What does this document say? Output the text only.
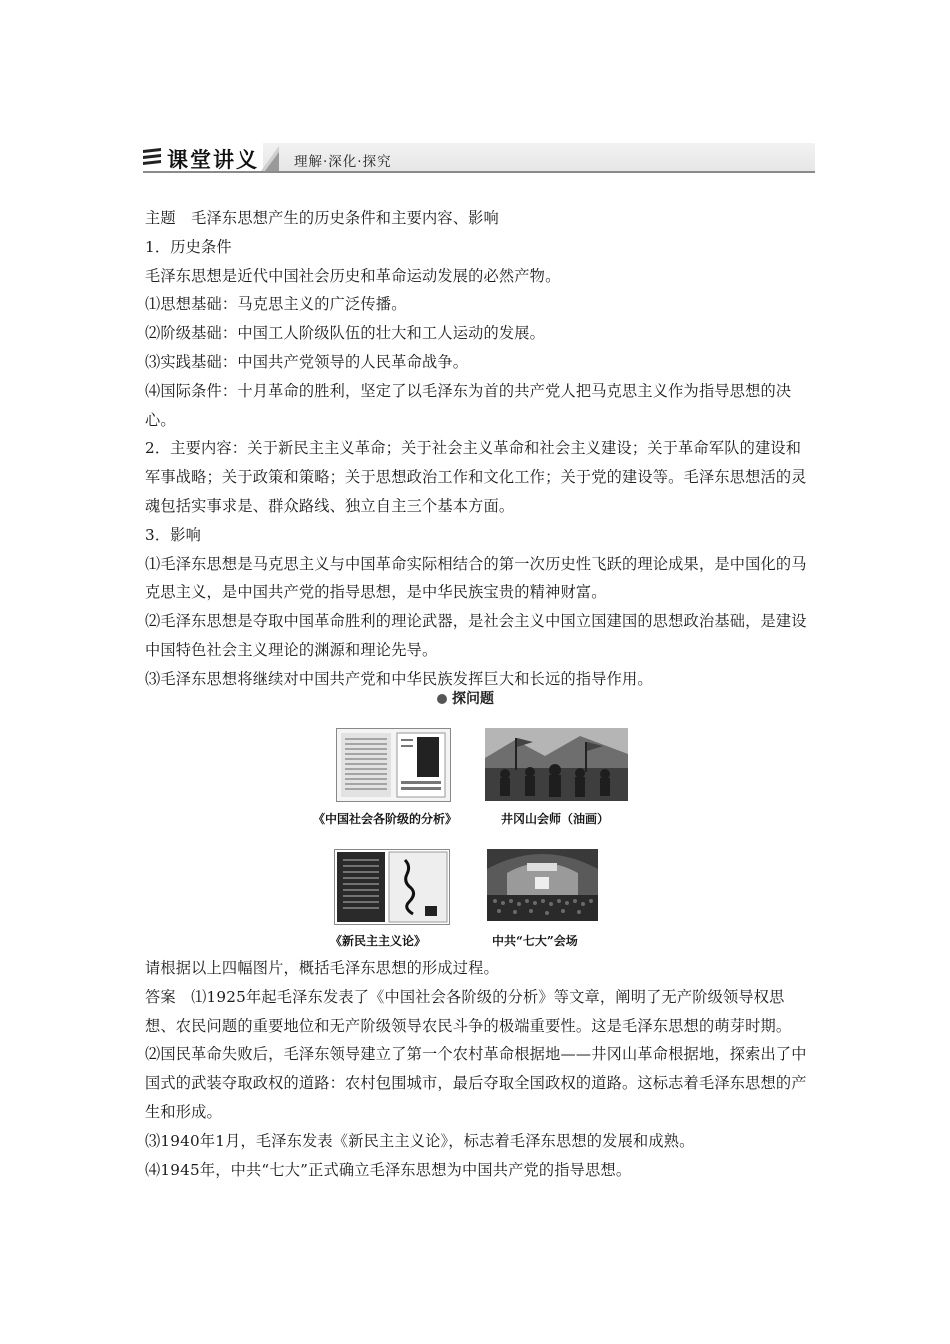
课堂讲义	理解·深化·探究

主题　毛泽东思想产生的历史条件和主要内容、影响

1．历史条件

毛泽东思想是近代中国社会历史和革命运动发展的必然产物。

⑴思想基础：马克思主义的广泛传播。

⑵阶级基础：中国工人阶级队伍的壮大和工人运动的发展。

⑶实践基础：中国共产党领导的人民革命战争。

⑷国际条件：十月革命的胜利，坚定了以毛泽东为首的共产党人把马克思主义作为指导思想的决心。

2．主要内容：关于新民主主义革命；关于社会主义革命和社会主义建设；关于革命军队的建设和军事战略；关于政策和策略；关于思想政治工作和文化工作；关于党的建设等。毛泽东思想活的灵魂包括实事求是、群众路线、独立自主三个基本方面。

3．影响

⑴毛泽东思想是马克思主义与中国革命实际相结合的第一次历史性飞跃的理论成果，是中国化的马克思主义，是中国共产党的指导思想，是中华民族宝贵的精神财富。

⑵毛泽东思想是夺取中国革命胜利的理论武器，是社会主义中国立国建国的思想政治基础，是建设中国特色社会主义理论的渊源和理论先导。

⑶毛泽东思想将继续对中国共产党和中华民族发挥巨大和长远的指导作用。

探问题
《中国社会各阶级的分析》	井冈山会师（油画）
《新民主主义论》	中共“七大”会场

请根据以上四幅图片，概括毛泽东思想的形成过程。

答案　⑴1925年起毛泽东发表了《中国社会各阶级的分析》等文章，阐明了无产阶级领导权思想、农民问题的重要地位和无产阶级领导农民斗争的极端重要性。这是毛泽东思想的萌芽时期。

⑵国民革命失败后，毛泽东领导建立了第一个农村革命根据地——井冈山革命根据地，探索出了中国式的武装夺取政权的道路：农村包围城市，最后夺取全国政权的道路。这标志着毛泽东思想的产生和形成。

⑶1940年1月，毛泽东发表《新民主主义论》，标志着毛泽东思想的发展和成熟。

⑷1945年，中共“七大”正式确立毛泽东思想为中国共产党的指导思想。
